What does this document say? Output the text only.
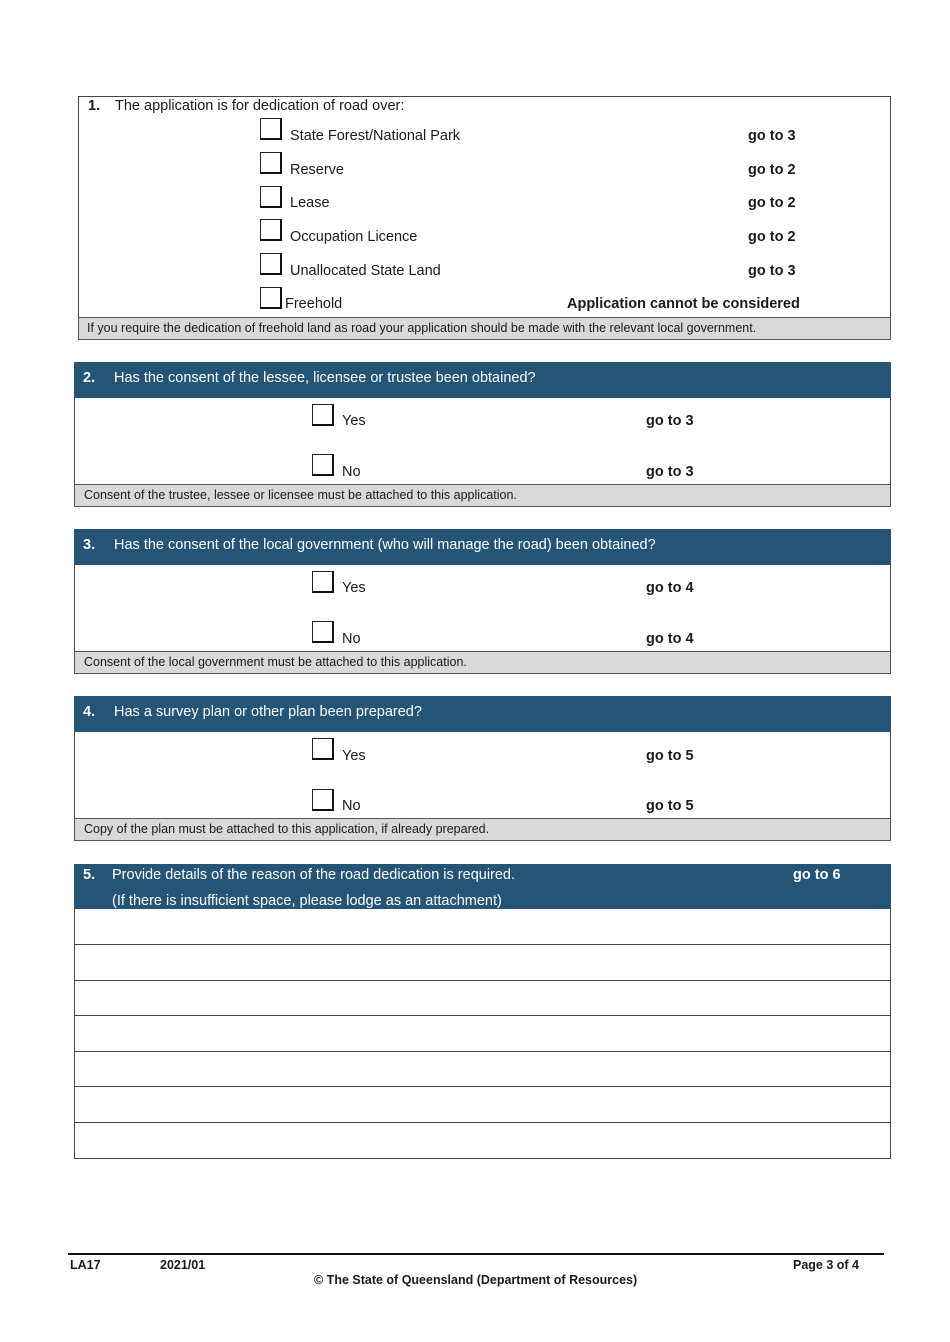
1. The application is for dedication of road over:
State Forest/National Park	go to 3
Reserve	go to 2
Lease	go to 2
Occupation Licence	go to 2
Unallocated State Land	go to 3
Freehold	Application cannot be considered
If you require the dedication of freehold land as road your application should be made with the relevant local government.
2. Has the consent of the lessee, licensee or trustee been obtained?
Yes	go to 3
No	go to 3
Consent of the trustee, lessee or licensee must be attached to this application.
3. Has the consent of the local government (who will manage the road) been obtained?
Yes	go to 4
No	go to 4
Consent of the local government must be attached to this application.
4. Has a survey plan or other plan been prepared?
Yes	go to 5
No	go to 5
Copy of the plan must be attached to this application, if already prepared.
5. Provide details of the reason of the road dedication is required.
(If there is insufficient space, please lodge as an attachment)
go to 6
LA17	2021/01	Page 3 of 4
© The State of Queensland (Department of Resources)
